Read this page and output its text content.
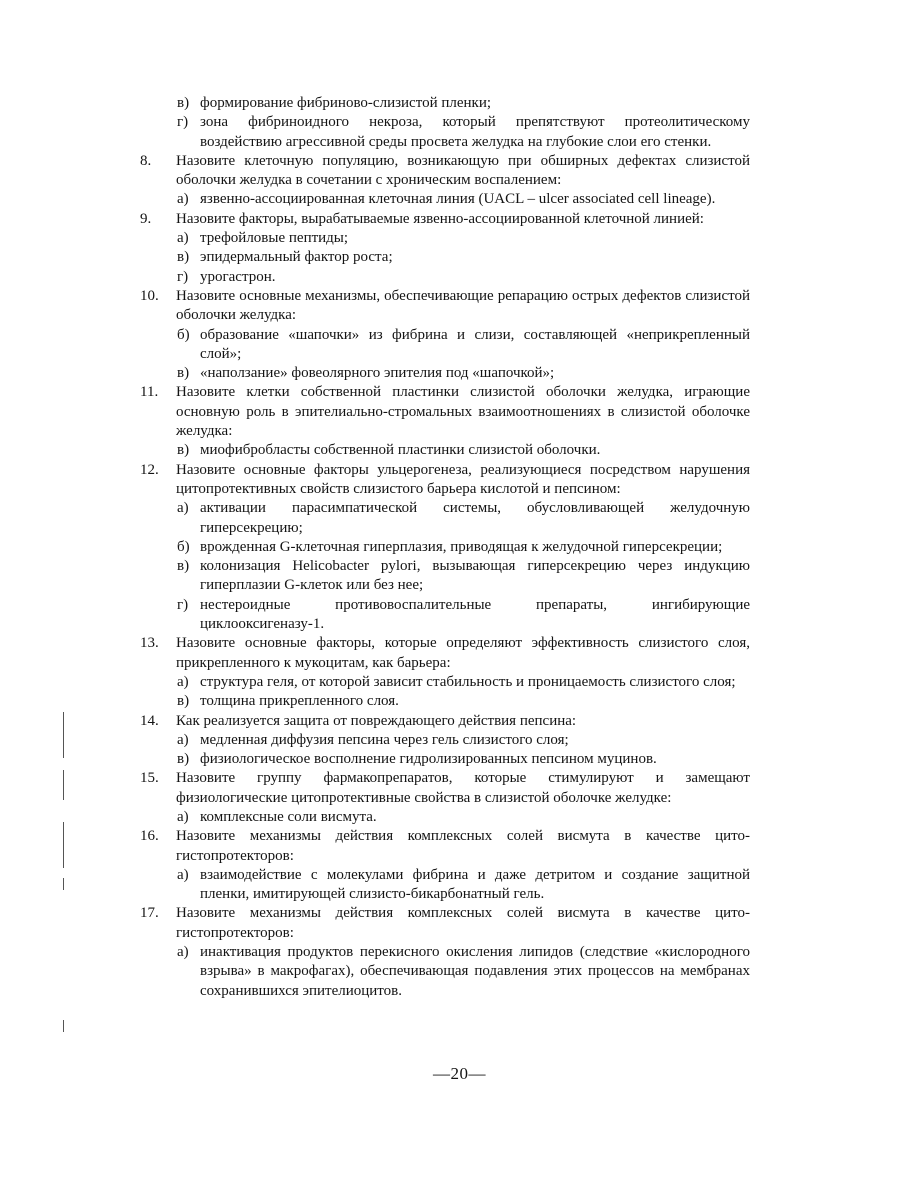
в) формирование фибриново-слизистой пленки;
г) зона фибриноидного некроза, который препятствуют протеолитическому воздействию агрессивной среды просвета желудка на глубокие слои его стенки.
8. Назовите клеточную популяцию, возникающую при обширных дефектах слизистой оболочки желудка в сочетании с хроническим воспалением:
а) язвенно-ассоциированная клеточная линия (UACL – ulcer associated cell lineage).
9. Назовите факторы, вырабатываемые язвенно-ассоциированной клеточной линией:
а) трефойловые пептиды;
в) эпидермальный фактор роста;
г) урогастрон.
10. Назовите основные механизмы, обеспечивающие репарацию острых дефектов слизистой оболочки желудка:
б) образование «шапочки» из фибрина и слизи, составляющей «неприкрепленный слой»;
в) «наползание» фовеолярного эпителия под «шапочкой»;
11. Назовите клетки собственной пластинки слизистой оболочки желудка, играющие основную роль в эпителиально-стромальных взаимоотношениях в слизистой оболочке желудка:
в) миофибробласты собственной пластинки слизистой оболочки.
12. Назовите основные факторы ульцерогенеза, реализующиеся посредством нарушения цитопротективных свойств слизистого барьера кислотой и пепсином:
а) активации парасимпатической системы, обусловливающей желудочную гиперсекрецию;
б) врожденная G-клеточная гиперплазия, приводящая к желудочной гиперсекреции;
в) колонизация Helicobacter pylori, вызывающая гиперсекрецию через индукцию гиперплазии G-клеток или без нее;
г) нестероидные противовоспалительные препараты, ингибирующие циклооксигеназу-1.
13. Назовите основные факторы, которые определяют эффективность слизистого слоя, прикрепленного к мукоцитам, как барьера:
а) структура геля, от которой зависит стабильность и проницаемость слизистого слоя;
в) толщина прикрепленного слоя.
14. Как реализуется защита от повреждающего действия пепсина:
а) медленная диффузия пепсина через гель слизистого слоя;
в) физиологическое восполнение гидролизированных пепсином муцинов.
15. Назовите группу фармакопрепаратов, которые стимулируют и замещают физиологические цитопротективные свойства в слизистой оболочке желудке:
а) комплексные соли висмута.
16. Назовите механизмы действия комплексных солей висмута в качестве цито-гистопротекторов:
а) взаимодействие с молекулами фибрина и даже детритом и создание защитной пленки, имитирующей слизисто-бикарбонатный гель.
17. Назовите механизмы действия комплексных солей висмута в качестве цито-гистопротекторов:
а) инактивация продуктов перекисного окисления липидов (следствие «кислородного взрыва» в макрофагах), обеспечивающая подавления этих процессов на мембранах сохранившихся эпителиоцитов.
—20—
